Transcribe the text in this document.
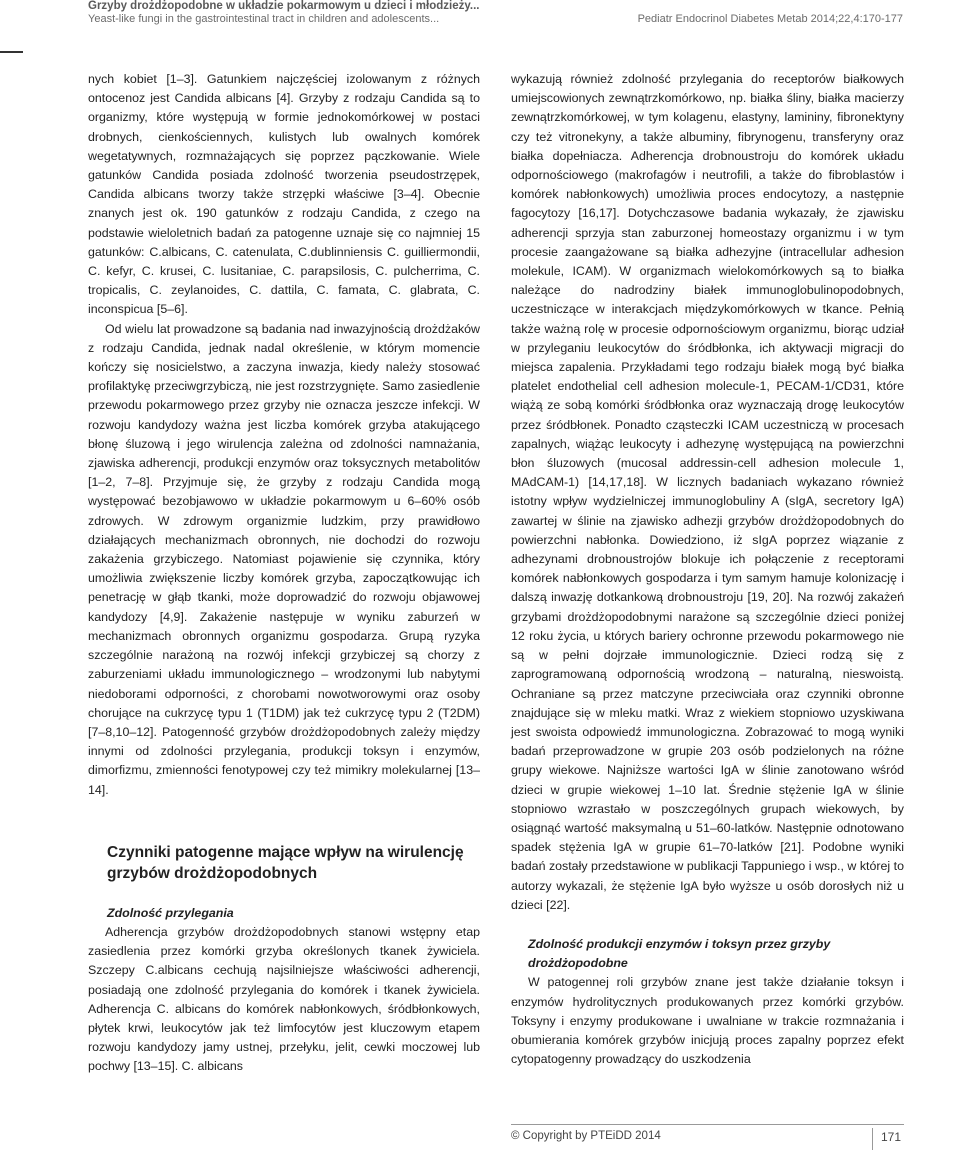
Grzyby drożdżopodobne w układzie pokarmowym u dzieci i młodzieży...
Yeast-like fungi in the gastrointestinal tract in children and adolescents...	Pediatr Endocrinol Diabetes Metab 2014;22,4:170-177

nych kobiet [1–3]. Gatunkiem najczęściej izolowanym z różnych ontocenoz jest Candida albicans [4]. Grzyby z rodzaju Candida są to organizmy, które występują w formie jednokomórkowej w postaci drobnych, cienkościennych, kulistych lub owalnych komórek wegetatywnych, rozmnażających się poprzez pączkowanie. Wiele gatunków Candida posiada zdolność tworzenia pseudostrzępek, Candida albicans tworzy także strzępki właściwe [3–4]. Obecnie znanych jest ok. 190 gatunków z rodzaju Candida, z czego na podstawie wieloletnich badań za patogenne uznaje się co najmniej 15 gatunków: C.albicans, C. catenulata, C.dublinniensis C. guilliermondii, C. kefyr, C. krusei, C. lusitaniae, C. parapsilosis, C. pulcherrima, C. tropicalis, C. zeylanoides, C. dattila, C. famata, C. glabrata, C. inconspicua [5–6].

Od wielu lat prowadzone są badania nad inwazyjnością drożdżaków z rodzaju Candida, jednak nadal określenie, w którym momencie kończy się nosicielstwo, a zaczyna inwazja, kiedy należy stosować profilaktykę przeciwgrzybiczą, nie jest rozstrzygnięte. Samo zasiedlenie przewodu pokarmowego przez grzyby nie oznacza jeszcze infekcji. W rozwoju kandydozy ważna jest liczba komórek grzyba atakującego błonę śluzową i jego wirulencja zależna od zdolności namnażania, zjawiska adherencji, produkcji enzymów oraz toksycznych metabolitów [1–2, 7–8]. Przyjmuje się, że grzyby z rodzaju Candida mogą występować bezobjawowo w układzie pokarmowym u 6–60% osób zdrowych. W zdrowym organizmie ludzkim, przy prawidłowo działających mechanizmach obronnych, nie dochodzi do rozwoju zakażenia grzybiczego. Natomiast pojawienie się czynnika, który umożliwia zwiększenie liczby komórek grzyba, zapoczątkowując ich penetrację w głąb tkanki, może doprowadzić do rozwoju objawowej kandydozy [4,9]. Zakażenie następuje w wyniku zaburzeń w mechanizmach obronnych organizmu gospodarza. Grupą ryzyka szczególnie narażoną na rozwój infekcji grzybiczej są chorzy z zaburzeniami układu immunologicznego – wrodzonymi lub nabytymi niedoborami odporności, z chorobami nowotworowymi oraz osoby chorujące na cukrzycę typu 1 (T1DM) jak też cukrzycę typu 2 (T2DM) [7–8,10–12]. Patogenność grzybów drożdżopodobnych zależy między innymi od zdolności przylegania, produkcji toksyn i enzymów, dimorfizmu, zmienności fenotypowej czy też mimikry molekularnej [13–14].

Czynniki patogenne mające wpływ na wirulencję grzybów drożdżopodobnych
Zdolność przylegania

Adherencja grzybów drożdżopodobnych stanowi wstępny etap zasiedlenia przez komórki grzyba określonych tkanek żywiciela. Szczepy C.albicans cechują najsilniejsze właściwości adherencji, posiadają one zdolność przylegania do komórek i tkanek żywiciela. Adherencja C. albicans do komórek nabłonkowych, śródbłonkowych, płytek krwi, leukocytów jak też limfocytów jest kluczowym etapem rozwoju kandydozy jamy ustnej, przełyku, jelit, cewki moczowej lub pochwy [13–15]. C. albicans

wykazują również zdolność przylegania do receptorów białkowych umiejscowionych zewnątrzkomórkowo, np. białka śliny, białka macierzy zewnątrzkomórkowej, w tym kolagenu, elastyny, lamininy, fibronektyny czy też vitronekyny, a także albuminy, fibrynogenu, transferyny oraz białka dopełniacza. Adherencja drobnoustroju do komórek układu odpornościowego (makrofagów i neutrofili, a także do fibroblastów i komórek nabłonkowych) umożliwia proces endocytozy, a następnie fagocytozy [16,17]. Dotychczasowe badania wykazały, że zjawisku adherencji sprzyja stan zaburzonej homeostazy organizmu i w tym procesie zaangażowane są białka adhezyjne (intracellular adhesion molekule, ICAM). W organizmach wielokomórkowych są to białka należące do nadrodziny białek immunoglobulinopodobnych, uczestniczące w interakcjach międzykomórkowych w tkance. Pełnią także ważną rolę w procesie odpornościowym organizmu, biorąc udział w przyleganiu leukocytów do śródbłonka, ich aktywacji migracji do miejsca zapalenia. Przykładami tego rodzaju białek mogą być białka platelet endothelial cell adhesion molecule-1, PECAM-1/CD31, które wiążą ze sobą komórki śródbłonka oraz wyznaczają drogę leukocytów przez śródbłonek. Ponadto cząsteczki ICAM uczestniczą w procesach zapalnych, wiążąc leukocyty i adhezynę występującą na powierzchni błon śluzowych (mucosal addressin-cell adhesion molecule 1, MAdCAM-1) [14,17,18]. W licznych badaniach wykazano również istotny wpływ wydzielniczej immunoglobuliny A (sIgA, secretory IgA) zawartej w ślinie na zjawisko adhezji grzybów drożdżopodobnych do powierzchni nabłonka. Dowiedziono, iż sIgA poprzez wiązanie z adhezynami drobnoustrojów blokuje ich połączenie z receptorami komórek nabłonkowych gospodarza i tym samym hamuje kolonizację i dalszą inwazję dotkankową drobnoustroju [19, 20]. Na rozwój zakażeń grzybami drożdżopodobnymi narażone są szczególnie dzieci poniżej 12 roku życia, u których bariery ochronne przewodu pokarmowego nie są w pełni dojrzałe immunologicznie. Dzieci rodzą się z zaprogramowaną odpornością wrodzoną – naturalną, nieswoistą. Ochraniane są przez matczyne przeciwciała oraz czynniki obronne znajdujące się w mleku matki. Wraz z wiekiem stopniowo uzyskiwana jest swoista odpowiedź immunologiczna. Zobrazować to mogą wyniki badań przeprowadzone w grupie 203 osób podzielonych na różne grupy wiekowe. Najniższe wartości IgA w ślinie zanotowano wśród dzieci w grupie wiekowej 1–10 lat. Średnie stężenie IgA w ślinie stopniowo wzrastało w poszczególnych grupach wiekowych, by osiągnąć wartość maksymalną u 51–60-latków. Następnie odnotowano spadek stężenia IgA w grupie 61–70-latków [21]. Podobne wyniki badań zostały przedstawione w publikacji Tappuniego i wsp., w której to autorzy wykazali, że stężenie IgA było wyższe u osób dorosłych niż u dzieci [22].

Zdolność produkcji enzymów i toksyn przez grzyby drożdżopodobne

W patogennej roli grzybów znane jest także działanie toksyn i enzymów hydrolitycznych produkowanych przez komórki grzybów. Toksyny i enzymy produkowane i uwalniane w trakcie rozmnażania i obumierania komórek grzybów inicjują proces zapalny poprzez efekt cytopatogenny prowadzący do uszkodzenia

© Copyright by PTEiDD 2014	171
